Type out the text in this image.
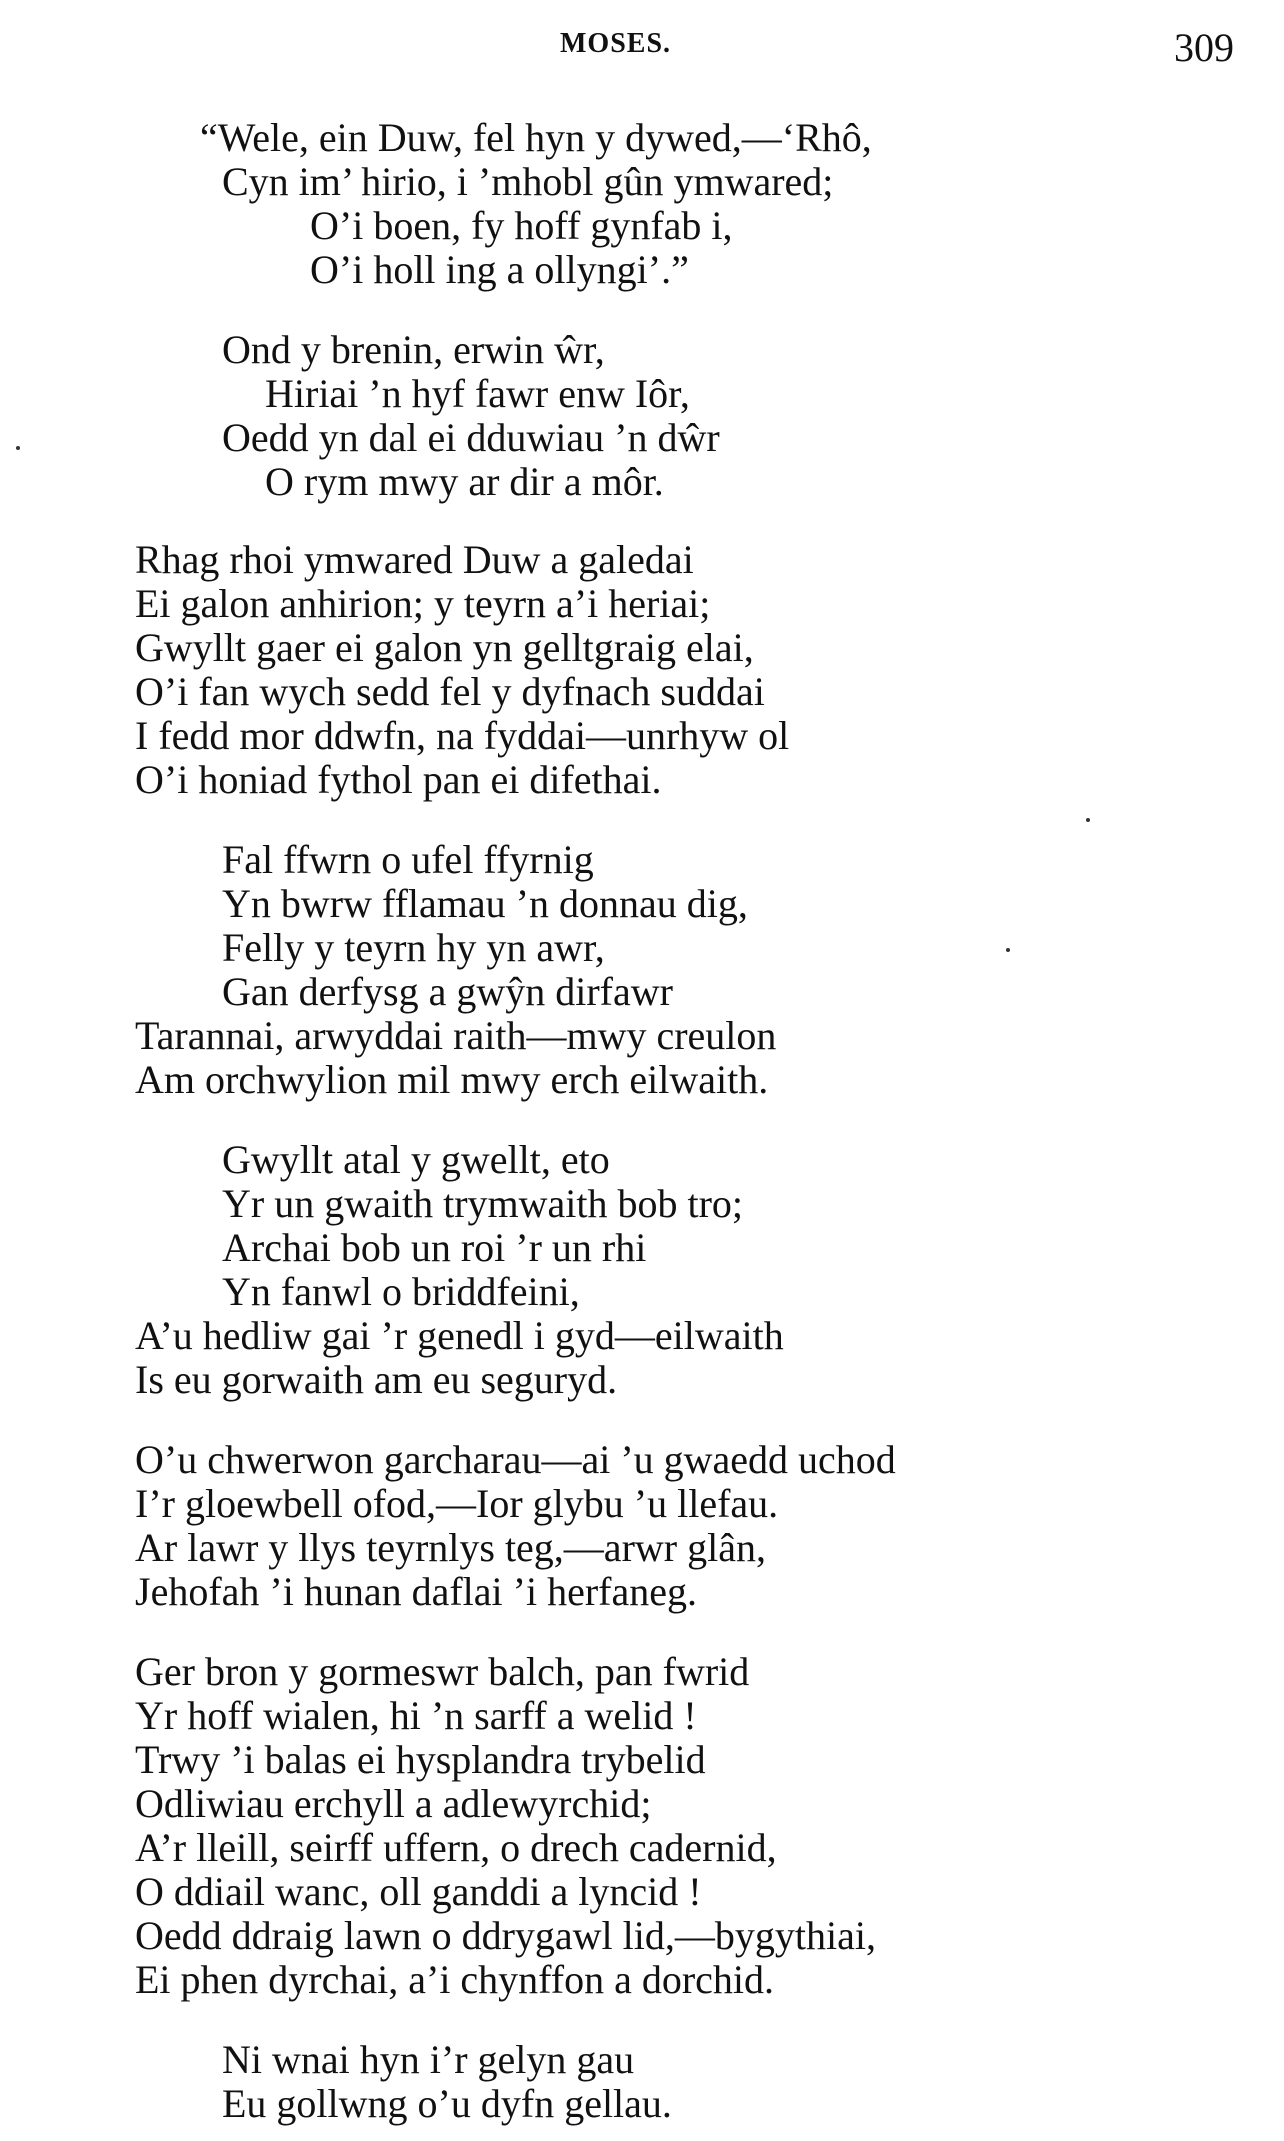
MOSES.	309
“Wele, ein Duw, fel hyn y dywed,—‘Rhô,
Cyn im’ hirio, i ’mhobl gûn ymwared;
O’i boen, fy hoff gynfab i,
O’i holl ing a ollyngi’.”
Ond y brenin, erwin ŵr,
Hiriai ’n hyf fawr enw Iôr,
Oedd yn dal ei dduwiau ’n dŵr
O rym mwy ar dir a môr.
Rhag rhoi ymwared Duw a galedai
Ei galon anhirion; y teyrn a’i heriai;
Gwyllt gaer ei galon yn gelltgraig elai,
O’i fan wych sedd fel y dyfnach suddai
I fedd mor ddwfn, na fyddai—unrhyw ol
O’i honiad fythol pan ei difethai.
Fal ffwrn o ufel ffyrnig
Yn bwrw fflamau ’n donnau dig,
Felly y teyrn hy yn awr,
Gan derfysg a gwŷn dirfawr
Tarannai, arwyddai raith—mwy creulon
Am orchwylion mil mwy erch eilwaith.
Gwyllt atal y gwellt, eto
Yr un gwaith trymwaith bob tro;
Archai bob un roi ’r un rhi
Yn fanwl o briddfeini,
A’u hedliw gai ’r genedl i gyd—eilwaith
Is eu gorwaith am eu seguryd.
O’u chwerwon garcharau—ai ’u gwaedd uchod
I’r gloewbell ofod,—Ior glybu ’u llefau.
Ar lawr y llys teyrnlys teg,—arwr glân,
Jehofah ’i hunan daflai ’i herfaneg.
Ger bron y gormeswr balch, pan fwrid
Yr hoff wialen, hi ’n sarff a welid !
Trwy ’i balas ei hysplandra trybelid
Odliwiau erchyll a adlewyrchid;
A’r lleill, seirff uffern, o drech cadernid,
O ddiail wanc, oll ganddi a lyncid !
Oedd ddraig lawn o ddrygawl lid,—bygythiai,
Ei phen dyrchai, a’i chynffon a dorchid.
Ni wnai hyn i’r gelyn gau
Eu gollwng o’u dyfn gellau.
